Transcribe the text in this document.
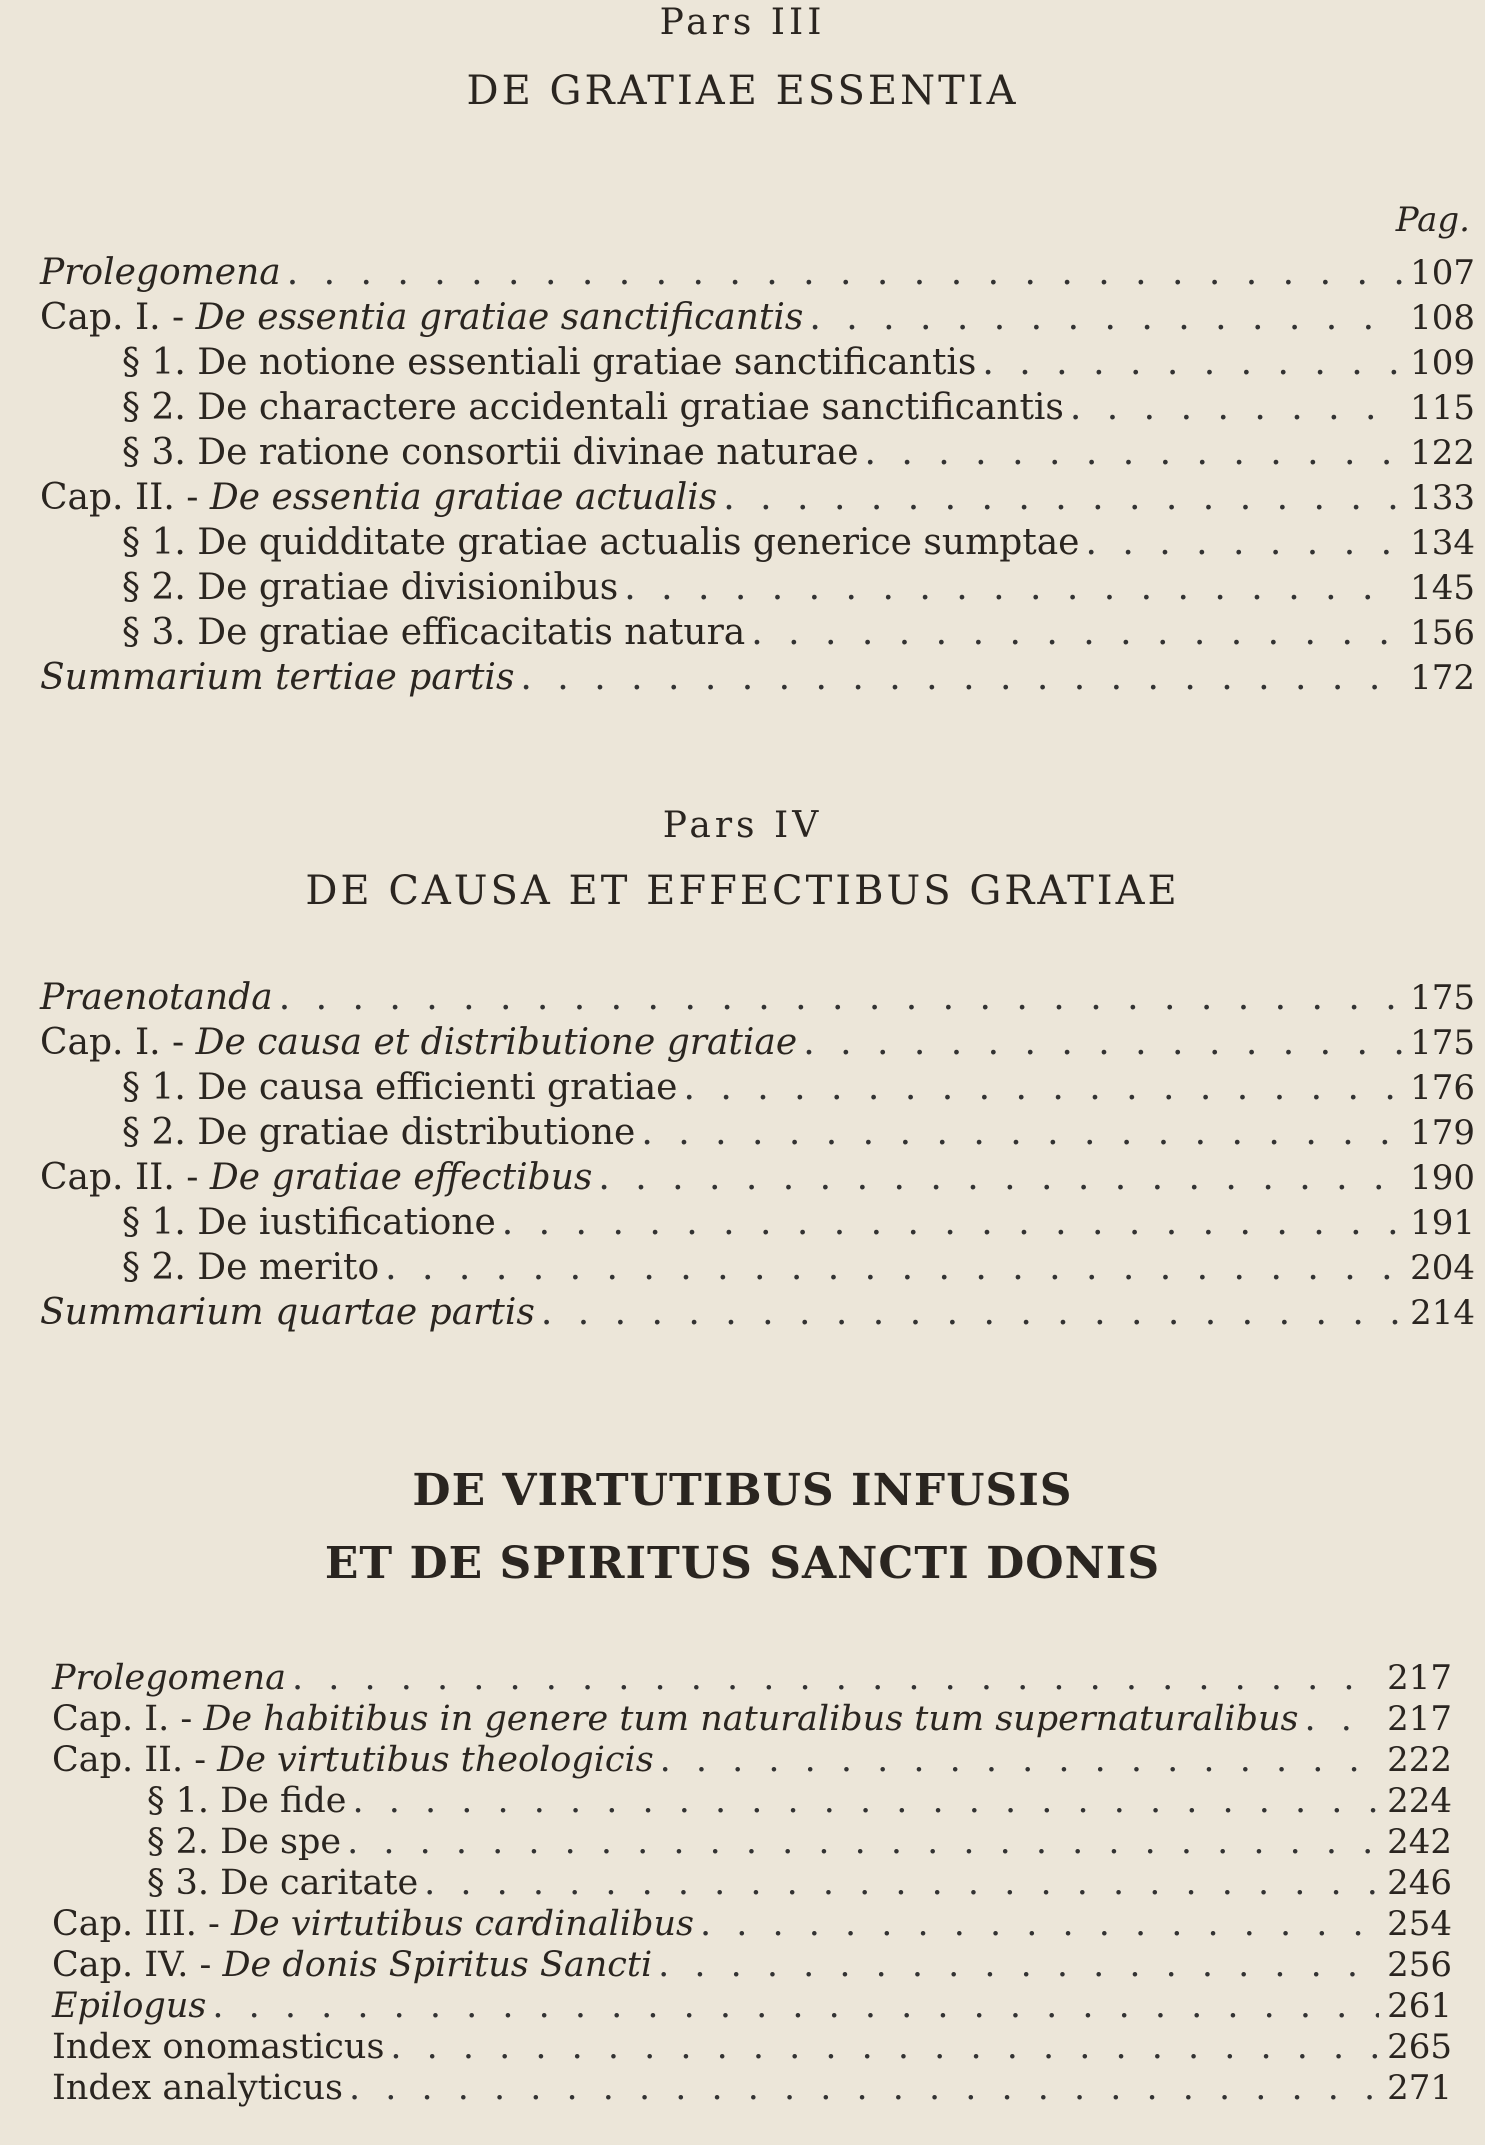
Pars III
DE GRATIAE ESSENTIA
Pag.
Prolegomena . . .	107
Cap. I. - De essentia gratiae sanctificantis . . .	108
§ 1. De notione essentiali gratiae sanctificantis . . .	109
§ 2. De charactere accidentali gratiae sanctificantis . . .	115
§ 3. De ratione consortii divinae naturae . . .	122
Cap. II. - De essentia gratiae actualis . . .	133
§ 1. De quidditate gratiae actualis generice sumptae . . .	134
§ 2. De gratiae divisionibus . . .	145
§ 3. De gratiae efficacitatis natura . . .	156
Summarium tertiae partis . . .	172
Pars IV
DE CAUSA ET EFFECTIBUS GRATIAE
Praenotanda . . .	175
Cap. I. - De causa et distributione gratiae . . .	175
§ 1. De causa efficienti gratiae . . .	176
§ 2. De gratiae distributione . . .	179
Cap. II. - De gratiae effectibus . . .	190
§ 1. De iustificatione . . .	191
§ 2. De merito . . .	204
Summarium quartae partis . . .	214
DE VIRTUTIBUS INFUSIS
ET DE SPIRITUS SANCTI DONIS
Prolegomena . . .	217
Cap. I. - De habitibus in genere tum naturalibus tum supernaturalibus . . .	217
Cap. II. - De virtutibus theologicis . . .	222
§ 1. De fide . . .	224
§ 2. De spe . . .	242
§ 3. De caritate . . .	246
Cap. III. - De virtutibus cardinalibus . . .	254
Cap. IV. - De donis Spiritus Sancti . . .	256
Epilogus . . .	261
Index onomasticus . . .	265
Index analyticus . . .	271
